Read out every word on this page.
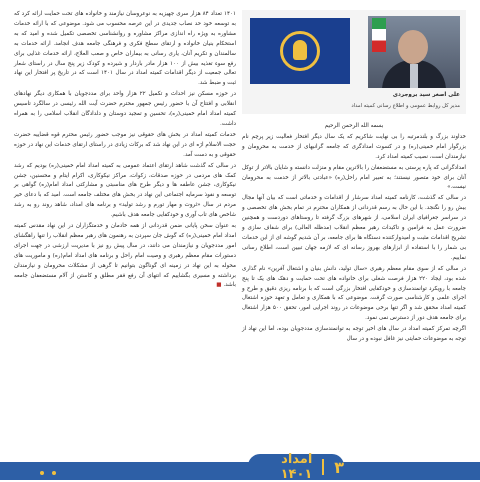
علی اصغر سید بروجردی
مدیر کل روابط عمومی و اطلاع رسانی کمیته امداد

بسمه الله الرحمن الرحیم

خداوند بزرگ و بلندمرتبه را بی نهایت شاکریم که یک سال دیگر افتخار فعالیت زیر پرچم نام بزرگوار امام خمینی(ره) و در کسوت امدادگری که جامعه گرانبهای از خدمت به محرومان و نیازمندان است، نصیب کمیته امداد کرد.

امدادگرانی که پاره پرستی به مستضعفان را بالاترین مقام و منزلت دانسته و شایان بالاتر از توکل آنان برای خود متصور نیستند؛ به تعبیر امام راحل(ره) «عبادتی بالاتر از خدمت به محرومان نیست.»

در سالی که گذشت، کارنامه کمیته امداد سرشار از اقدامات و خدماتی است که بیان آنها مجال بیش رو را نگنجد. با این حال به رسم قدردانی از همکاران محترم در تمام بخش های تخصصی و در سراسر جغرافیای ایران اسلامی، از شهرهای بزرگ گرفته تا روستاهای دوردست و همچنین ضرورت عمل به فرامین و تاکیدات رهبر معظم انقلاب (مدظله العالی) برای شفاف سازی و تشریح اقدامات مثبت و امیدوارکننده دستگاه ها برای جامعه، بر آن شدیم گوشه ای از این خدمات بی شمار را با استفاده از ابزارهای بهروز رسانه ای که لازمه جهان تبیین است، اطلاع رسانی نماییم.

در سالی که از سوی مقام معظم رهبری «سال تولید، دانش بنیان و اشتغال آفرین» نام گذاری شده بود، ایجاد ۲۲۰ هزار فرصت شغلی برای خانواده های تحت حمایت و دهک های یک تا پنج جامعه با رویکرد توانمندسازی و خودکفایی افتخار بزرگی است که با برنامه ریزی دقیق و طرح و اجرای علمی و کارشناسی صورت گرفت. موضوعی که با همکاری و تعامل و تعهد حوزه اشتغال کمیته امداد محقق شد و اگر تنها برخی موضوعات در روند اجرایی امور، تحقق ۵۰۰ هزار اشتغال برای جامعه هدف دور از دسترس نمی نمود.

اگرچه تمرکز کمیته امداد در سال های اخیر توجه به توانمندسازی مددجویان بوده، اما این نهاد از توجه به موضوعات حمایتی نیز غافل نبوده و در سال

۱۴۰۱ تعداد ۸۴ هزار سری جهیزیه به نوعروسان نیازمند و خانواده های تحت حمایت ارائه کرد که به توسعه خود حد نصاب جدیدی در این عرصه محسوب می شود. موضوعی که با ارائه خدمات مشاوره به ویژه راه اندازی مراکز مشاوره و روانشناسی تخصصی تکمیل شده و امید که به استحکام بنیان خانواده و ارتقای سطح فکری و فرهنگی جامعه هدف انجامد. ارائه خدمات به سالمندان و تکریم آنان، یاری رسانی به بیماران خاص و صعب العلاج، ارائه خدمات غذایی برای رفع سوء تغذیه بیش از ۱۰۰ هزار مادر باردار و شیرده و کودک زیر پنج سال در راستای شعار تعالی جمعیت از دیگر اقدامات کمیته امداد در سال ۱۴۰۱ است که در تاریخ پر افتخار این نهاد ثبت و ضبط شد.

در حوزه مسکن نیز احداث و تکمیل ۲۲ هزار واحد برای مددجویان با همکاری دیگر نهادهای انقلابی و افتتاح آن با حضور رئیس جمهور محترم حضرت آیت الله رئیسی در سالگرد تاسیس کمیته امداد امام خمینی(ره)، تحسین و تمجید دوستان و دلدادگان انقلاب اسلامی را به همراه داشت.

خدمات کمیته امداد در بخش های حقوقی نیز موجب حضور رئیس محترم قوه قضاییه حضرت حجت الاسلام اژه ای در این نهاد شد که برکات زیادی در راستای ارتقای خدمات این نهاد در حوزه حقوقی و به دست آمد.

در سالی که گذشت شاهد ارتقای اعتماد عمومی به کمیته امداد امام خمینی(ره) بودیم که رشد کمک های مردمی در حوزه صدقات، زکوات، مراکز نیکوکاری، اکرام ایتام و محسنین، جشن نیکوکاری، جشن عاطفه ها و دیگر طرح های مناسبتی و مشارکتی امداد امام(ره) گواهی بر توسعه و نفوذ سرمایه اجتماعی این نهاد در بخش های مختلف جامعه است. امید که با دعای خیر مردم در سال «ثروت و مهار تورم و رشد تولید» و برنامه های امداد، شاهد روند رو به رشد شاخص های تاب آوری و خودکفایی جامعه هدف باشیم.

به عنوان سخن پایانی ضمن قدردانی از همه خادمان و خدمتگزاران در این نهاد مقدس کمیته امداد امام خمینی(ره) که گوش جان سپردن به رهنمون های رهبر معظم انقلاب را تنها راهگشای امور مددجویان و نیازمندان می دانند، در سال پیش رو نیز با مدیریت ارزشی در جهت اجرای دستورات مقام معظم رهبری و وصیت امام راحل و برنامه های امداد امام(ره) و ماموریت های محوله به این نهاد در زمینه ای گوناگون بتوانیم تا گرهی از مشکلات محرومان و نیازمندان برداشته و مسیری بگشاییم که انتهای آن رفع فقر مطلق و کاستن از آلام مستضعفان جامعه باشد. ■

۳
امداد ۱۴۰۱
